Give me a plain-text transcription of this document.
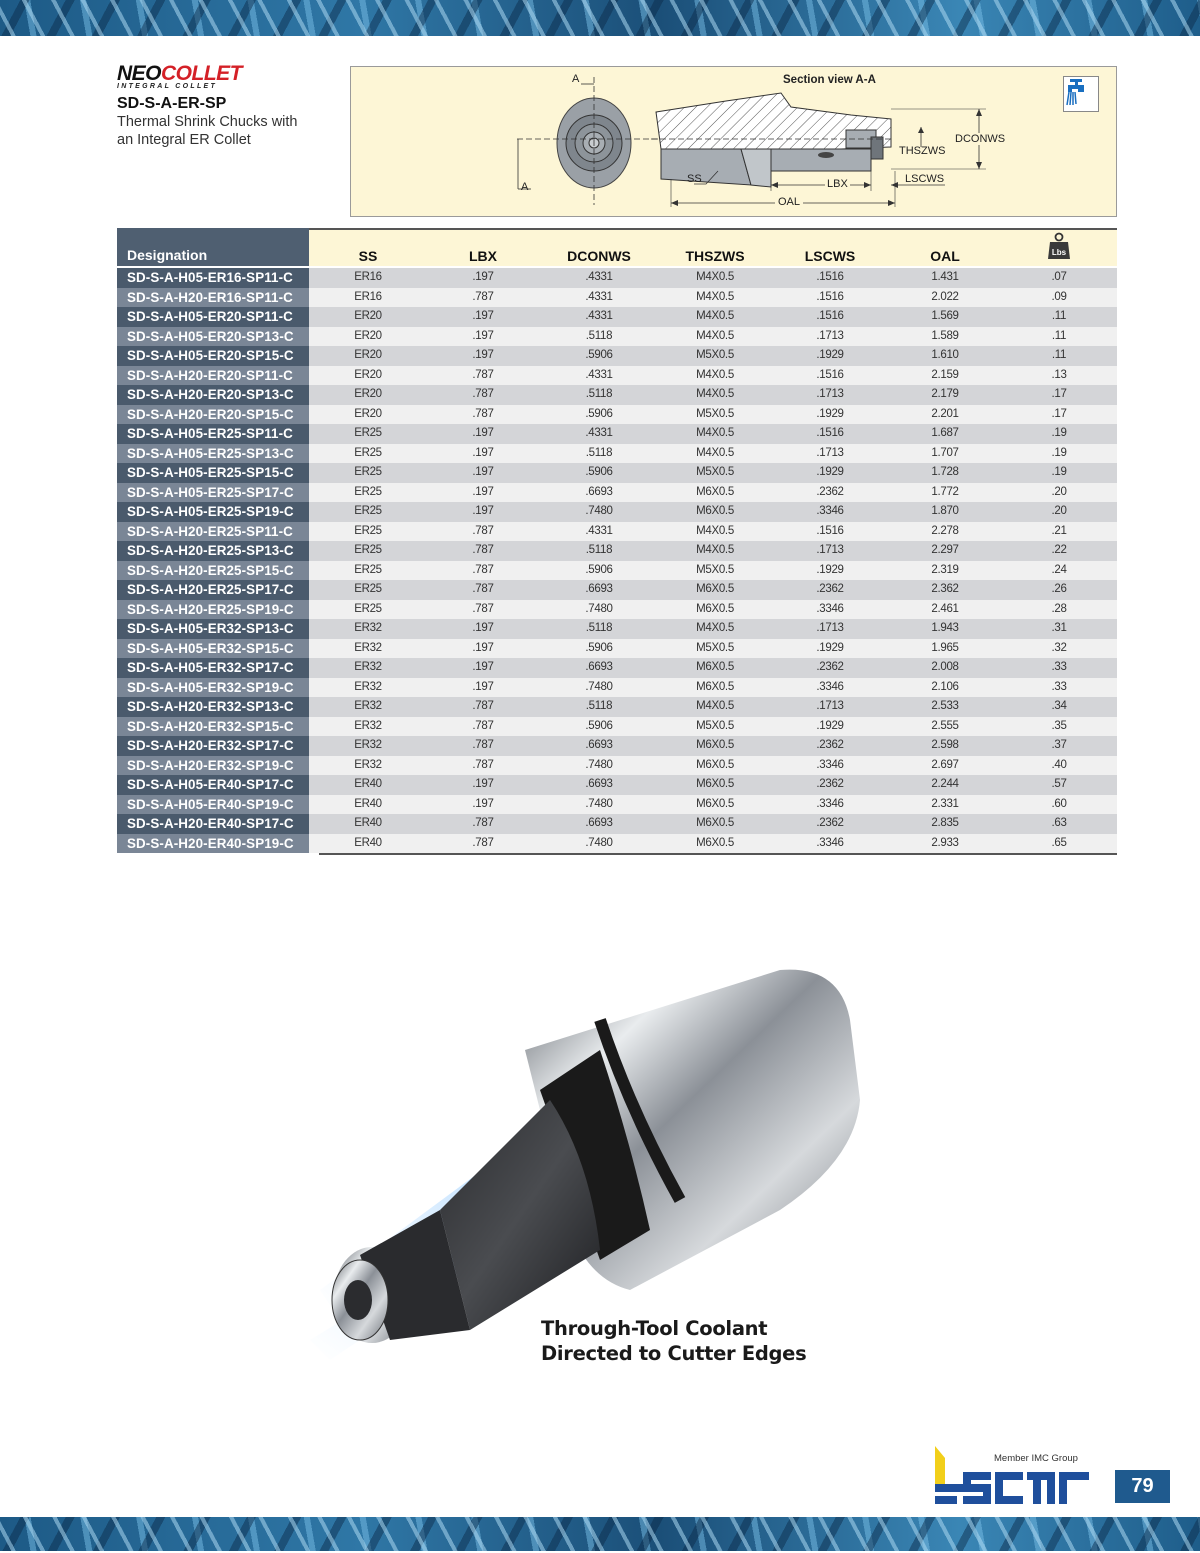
NEOCOLLET
INTEGRAL COLLET
SD-S-A-ER-SP
Thermal Shrink Chucks with an Integral ER Collet
A
A
Section view A-A
SS	LBX
OAL
THSZWS
DCONWS
LSCWS
Designation	SS	LBX	DCONWS	THSZWS	LSCWS	OAL	Lbs
SD-S-A-H05-ER16-SP11-C	ER16	.197	.4331	M4X0.5	.1516	1.431	.07
SD-S-A-H20-ER16-SP11-C	ER16	.787	.4331	M4X0.5	.1516	2.022	.09
SD-S-A-H05-ER20-SP11-C	ER20	.197	.4331	M4X0.5	.1516	1.569	.11
SD-S-A-H05-ER20-SP13-C	ER20	.197	.5118	M4X0.5	.1713	1.589	.11
SD-S-A-H05-ER20-SP15-C	ER20	.197	.5906	M5X0.5	.1929	1.610	.11
SD-S-A-H20-ER20-SP11-C	ER20	.787	.4331	M4X0.5	.1516	2.159	.13
SD-S-A-H20-ER20-SP13-C	ER20	.787	.5118	M4X0.5	.1713	2.179	.17
SD-S-A-H20-ER20-SP15-C	ER20	.787	.5906	M5X0.5	.1929	2.201	.17
SD-S-A-H05-ER25-SP11-C	ER25	.197	.4331	M4X0.5	.1516	1.687	.19
SD-S-A-H05-ER25-SP13-C	ER25	.197	.5118	M4X0.5	.1713	1.707	.19
SD-S-A-H05-ER25-SP15-C	ER25	.197	.5906	M5X0.5	.1929	1.728	.19
SD-S-A-H05-ER25-SP17-C	ER25	.197	.6693	M6X0.5	.2362	1.772	.20
SD-S-A-H05-ER25-SP19-C	ER25	.197	.7480	M6X0.5	.3346	1.870	.20
SD-S-A-H20-ER25-SP11-C	ER25	.787	.4331	M4X0.5	.1516	2.278	.21
SD-S-A-H20-ER25-SP13-C	ER25	.787	.5118	M4X0.5	.1713	2.297	.22
SD-S-A-H20-ER25-SP15-C	ER25	.787	.5906	M5X0.5	.1929	2.319	.24
SD-S-A-H20-ER25-SP17-C	ER25	.787	.6693	M6X0.5	.2362	2.362	.26
SD-S-A-H20-ER25-SP19-C	ER25	.787	.7480	M6X0.5	.3346	2.461	.28
SD-S-A-H05-ER32-SP13-C	ER32	.197	.5118	M4X0.5	.1713	1.943	.31
SD-S-A-H05-ER32-SP15-C	ER32	.197	.5906	M5X0.5	.1929	1.965	.32
SD-S-A-H05-ER32-SP17-C	ER32	.197	.6693	M6X0.5	.2362	2.008	.33
SD-S-A-H05-ER32-SP19-C	ER32	.197	.7480	M6X0.5	.3346	2.106	.33
SD-S-A-H20-ER32-SP13-C	ER32	.787	.5118	M4X0.5	.1713	2.533	.34
SD-S-A-H20-ER32-SP15-C	ER32	.787	.5906	M5X0.5	.1929	2.555	.35
SD-S-A-H20-ER32-SP17-C	ER32	.787	.6693	M6X0.5	.2362	2.598	.37
SD-S-A-H20-ER32-SP19-C	ER32	.787	.7480	M6X0.5	.3346	2.697	.40
SD-S-A-H05-ER40-SP17-C	ER40	.197	.6693	M6X0.5	.2362	2.244	.57
SD-S-A-H05-ER40-SP19-C	ER40	.197	.7480	M6X0.5	.3346	2.331	.60
SD-S-A-H20-ER40-SP17-C	ER40	.787	.6693	M6X0.5	.2362	2.835	.63
SD-S-A-H20-ER40-SP19-C	ER40	.787	.7480	M6X0.5	.3346	2.933	.65
Through-Tool Coolant
Directed to Cutter Edges
Member IMC Group
79
